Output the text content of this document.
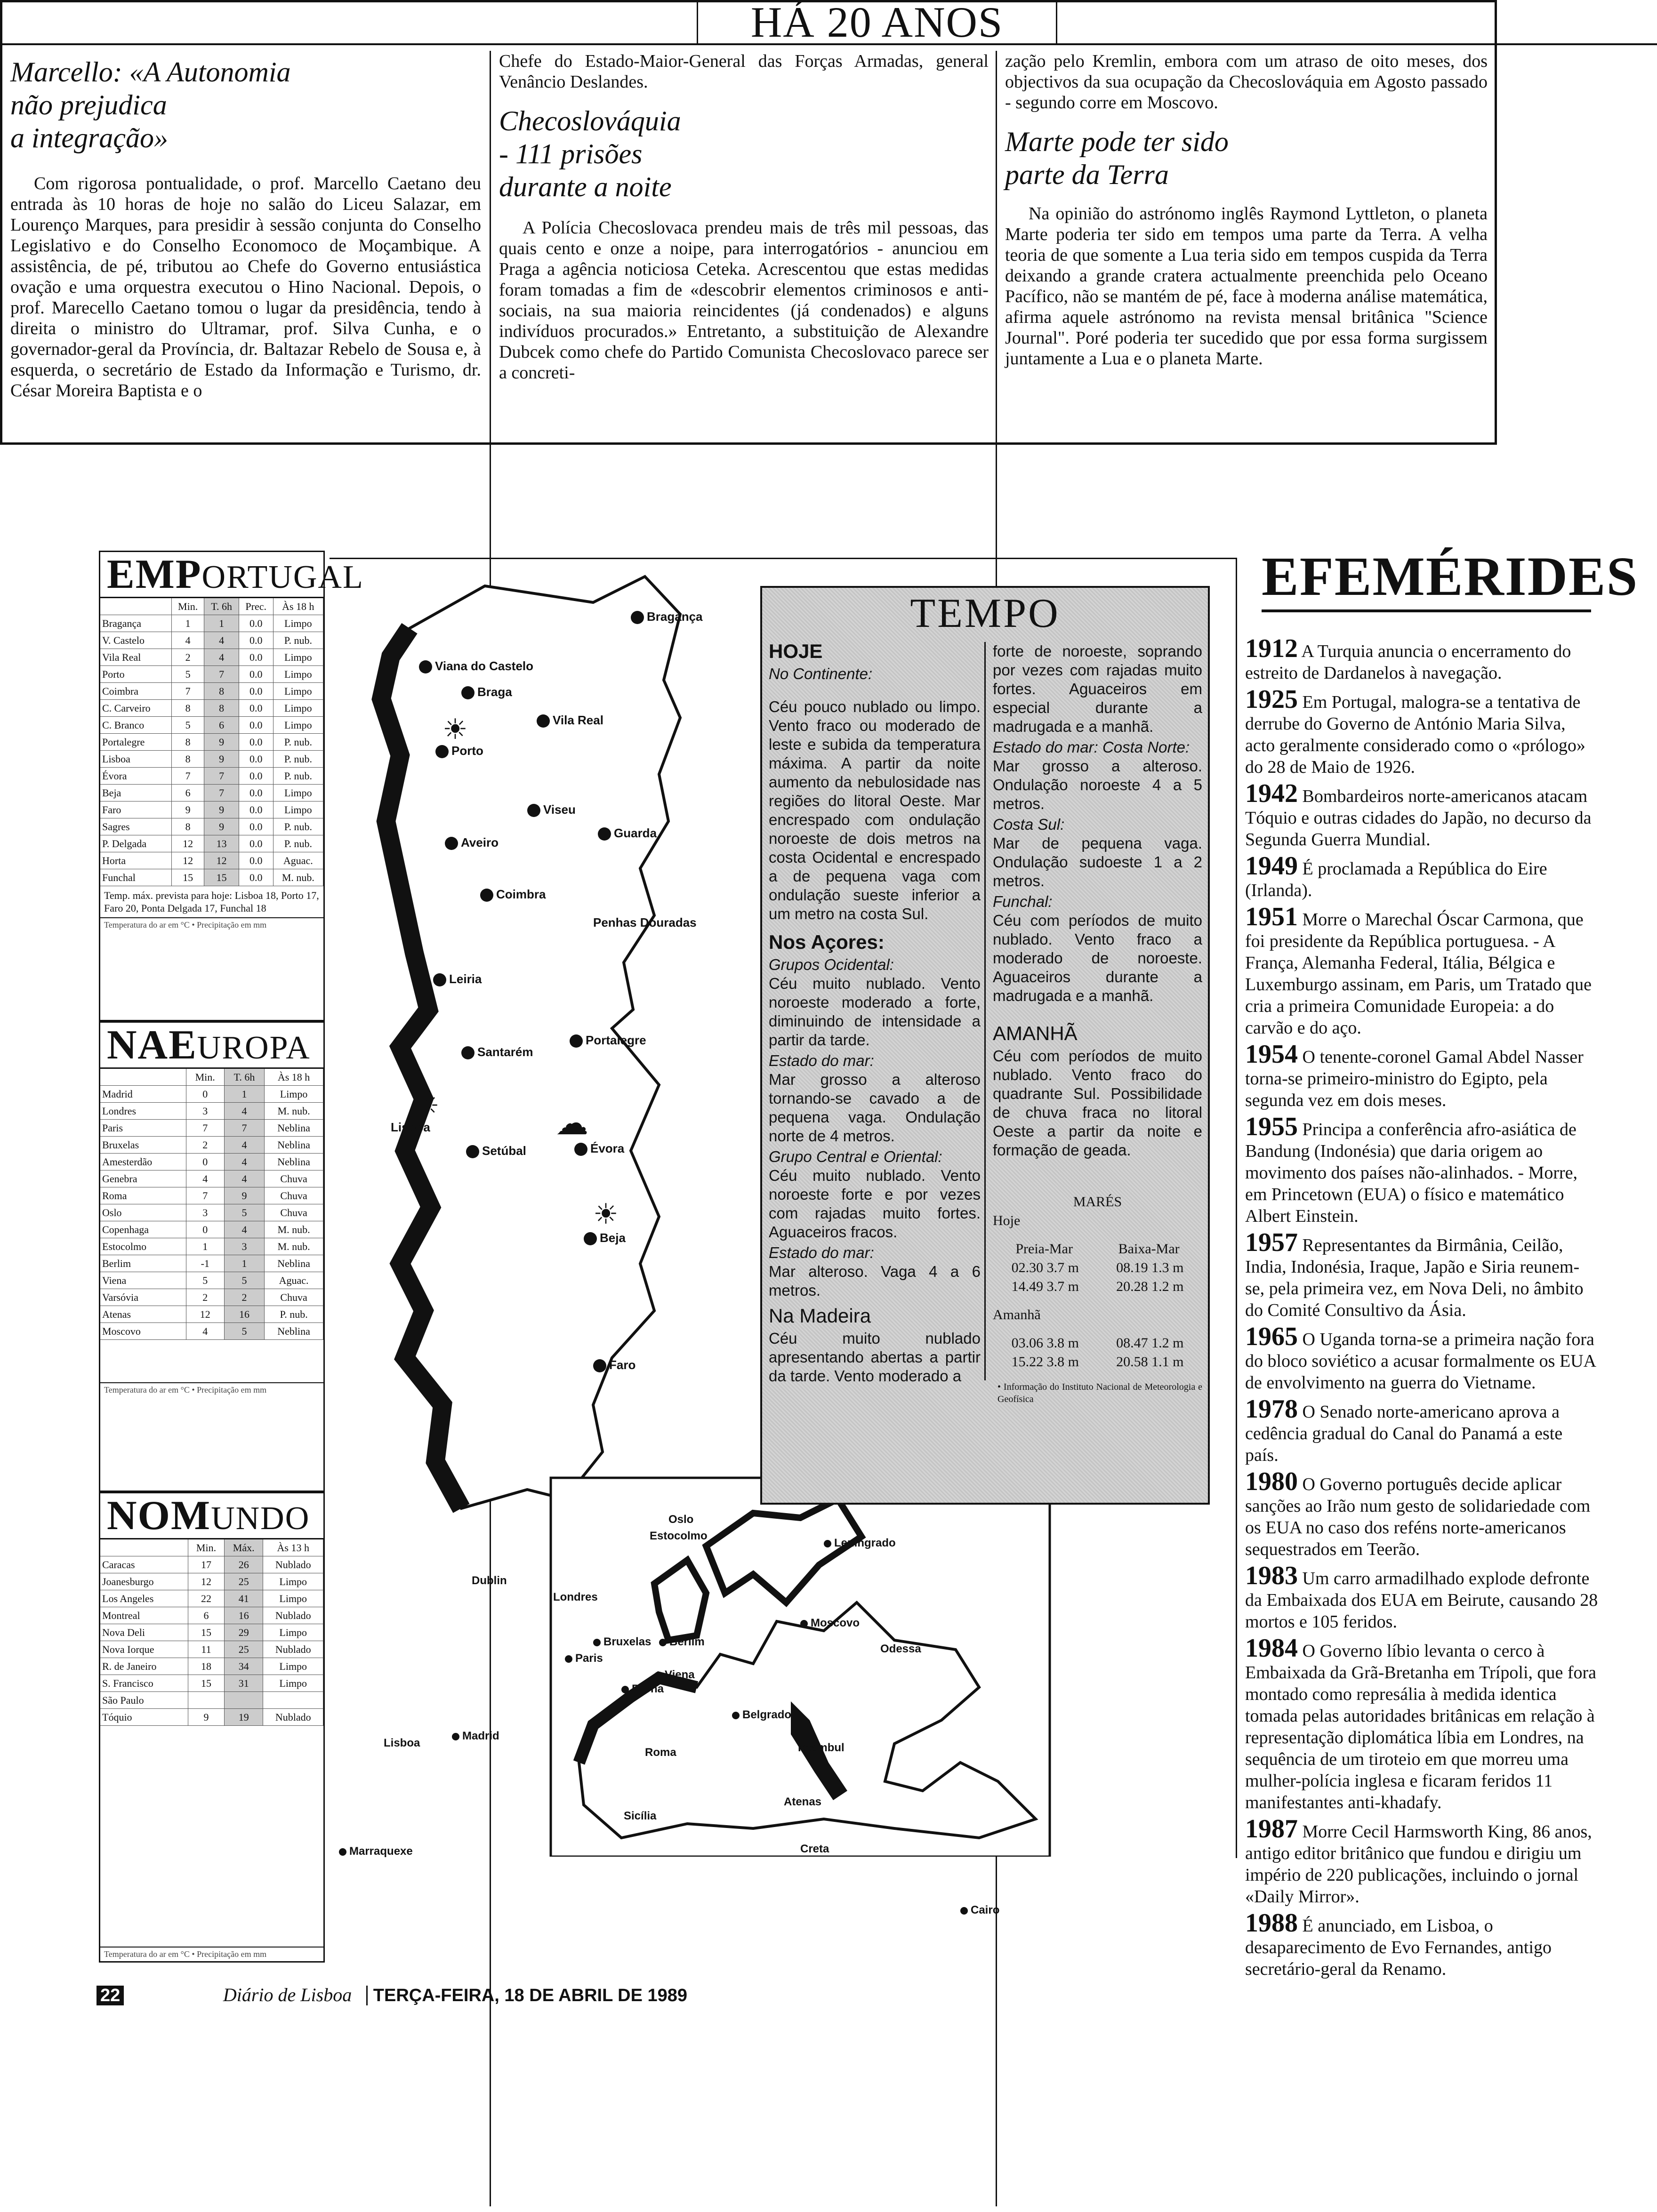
HÁ 20 ANOS
Marcello: «A Autonomia
não prejudica
a integração»

Com rigorosa pontualidade, o prof. Marcello Caetano deu entrada às 10 horas de hoje no salão do Liceu Salazar, em Lourenço Marques, para presidir à sessão conjunta do Conselho Legislativo e do Conselho Economoco de Moçambique. A assistência, de pé, tributou ao Chefe do Governo entusiástica ovação e uma orquestra executou o Hino Nacional. Depois, o prof. Marecello Caetano tomou o lugar da presidência, tendo à direita o ministro do Ultramar, prof. Silva Cunha, e o governador-geral da Província, dr. Baltazar Rebelo de Sousa e, à esquerda, o secretário de Estado da Informação e Turismo, dr. César Moreira Baptista e o

Chefe do Estado-Maior-General das Forças Armadas, general Venâncio Deslandes.

Checoslováquia
- 111 prisões
durante a noite

A Polícia Checoslovaca prendeu mais de três mil pessoas, das quais cento e onze a noipe, para interrogatórios - anunciou em Praga a agência noticiosa Ceteka. Acrescentou que estas medidas foram tomadas a fim de «descobrir elementos criminosos e anti-sociais, na sua maioria reincidentes (já condenados) e alguns indivíduos procurados.» Entretanto, a substituição de Alexandre Dubcek como chefe do Partido Comunista Checoslovaco parece ser a concreti-

zação pelo Kremlin, embora com um atraso de oito meses, dos objectivos da sua ocupação da Checoslováquia em Agosto passado - segundo corre em Moscovo.

Marte pode ter sido
parte da Terra

Na opinião do astrónomo inglês Raymond Lyttleton, o planeta Marte poderia ter sido em tempos uma parte da Terra. A velha teoria de que somente a Lua teria sido em tempos cuspida da Terra deixando a grande cratera actualmente preenchida pelo Oceano Pacífico, não se mantém de pé, face à moderna análise matemática, afirma aquele astrónomo na revista mensal britânica "Science Journal". Poré poderia ter sucedido que por essa forma surgissem juntamente a Lua e o planeta Marte.

EMPORTUGAL
	Min.	T. 6h	Prec.	Às 18 h
Bragança	1	1	0.0	Limpo
V. Castelo	4	4	0.0	P. nub.
Vila Real	2	4	0.0	Limpo
Porto	5	7	0.0	Limpo
Coimbra	7	8	0.0	Limpo
C. Carveiro	8	8	0.0	Limpo
C. Branco	5	6	0.0	Limpo
Portalegre	8	9	0.0	P. nub.
Lisboa	8	9	0.0	P. nub.
Évora	7	7	0.0	P. nub.
Beja	6	7	0.0	Limpo
Faro	9	9	0.0	Limpo
Sagres	8	9	0.0	P. nub.
P. Delgada	12	13	0.0	P. nub.
Horta	12	12	0.0	Aguac.
Funchal	15	15	0.0	M. nub.
Temp. máx. prevista para hoje: Lisboa 18, Porto 17, Faro 20, Ponta Delgada 17, Funchal 18
Temperatura do ar em °C • Precipitação em mm
NAEUROPA
	Min.	T. 6h	Às 18 h
Madrid	0	1	Limpo
Londres	3	4	M. nub.
Paris	7	7	Neblina
Bruxelas	2	4	Neblina
Amesterdão	0	4	Neblina
Genebra	4	4	Chuva
Roma	7	9	Chuva
Oslo	3	5	Chuva
Copenhaga	0	4	M. nub.
Estocolmo	1	3	M. nub.
Berlim	-1	1	Neblina
Viena	5	5	Aguac.
Varsóvia	2	2	Chuva
Atenas	12	16	P. nub.
Moscovo	4	5	Neblina
Temperatura do ar em °C • Precipitação em mm
NOMUNDO
	Min.	Máx.	Às 13 h
Caracas	17	26	Nublado
Joanesburgo	12	25	Limpo
Los Angeles	22	41	Limpo
Montreal	6	16	Nublado
Nova Deli	15	29	Limpo
Nova Iorque	11	25	Nublado
R. de Janeiro	18	34	Limpo
S. Francisco	15	31	Limpo
São Paulo			
Tóquio	9	19	Nublado
Temperatura do ar em °C • Precipitação em mm
Bragança
Viana do Castelo
Braga
Vila Real
Porto
Viseu
Aveiro
Guarda
Coimbra
Penhas Douradas
Leiria
Portalegre
Santarém
Lisboa
Setúbal	Évora
Beja
Faro
☀
☁
☀
☀
Oslo
Estocolmo
Leningrado
Dublin
Londres
Moscovo
Bruxelas	Berlim
Paris
Viena
Odessa
Berna
Belgrado
Lisboa
Madrid
Roma	Istambul
Atenas
Sicília
Creta
Marraquexe
Cairo
TEMPO
HOJE
No Continente:

Céu pouco nublado ou limpo. Vento fraco ou moderado de leste e subida da temperatura máxima. A partir da noite aumento da nebulosidade nas regiões do litoral Oeste. Mar encrespado com ondulação noroeste de dois metros na costa Ocidental e encrespado a de pequena vaga com ondulação sueste inferior a um metro na costa Sul.

Nos Açores:
Grupos Ocidental:

Céu muito nublado. Vento noroeste moderado a forte, diminuindo de intensidade a partir da tarde.

Estado do mar:

Mar grosso a alteroso tornando-se cavado a de pequena vaga. Ondulação norte de 4 metros.

Grupo Central e Oriental:

Céu muito nublado. Vento noroeste forte e por vezes com rajadas muito fortes. Aguaceiros fracos.

Estado do mar:

Mar alteroso. Vaga 4 a 6 metros.

Na Madeira

Céu muito nublado apresentando abertas a partir da tarde. Vento moderado a

forte de noroeste, soprando por vezes com rajadas muito fortes. Aguaceiros em especial durante a madrugada e a manhã.

Estado do mar: Costa Norte:

Mar grosso a alteroso. Ondulação noroeste 4 a 5 metros.

Costa Sul:

Mar de pequena vaga. Ondulação sudoeste 1 a 2 metros.

Funchal:

Céu com períodos de muito nublado. Vento fraco a moderado de noroeste. Aguaceiros durante a madrugada e a manhã.

AMANHÃ

Céu com períodos de muito nublado. Vento fraco do quadrante Sul. Possibilidade de chuva fraca no litoral Oeste a partir da noite e formação de geada.

MARÉS
Hoje
Preia-Mar	Baixa-Mar
02.30 3.7 m	08.19 1.3 m
14.49 3.7 m	20.28 1.2 m
Amanhã
03.06 3.8 m	08.47 1.2 m
15.22 3.8 m	20.58 1.1 m
• Informação do Instituto Nacional de Meteorologia e Geofísica
EFEMÉRIDES

1912 A Turquia anuncia o encerramento do estreito de Dardanelos à navegação.

1925 Em Portugal, malogra-se a tentativa de derrube do Governo de António Maria Silva, acto geralmente considerado como o «prólogo» do 28 de Maio de 1926.

1942 Bombardeiros norte-americanos atacam Tóquio e outras cidades do Japão, no decurso da Segunda Guerra Mundial.

1949 É proclamada a República do Eire (Irlanda).

1951 Morre o Marechal Óscar Carmona, que foi presidente da República portuguesa. - A França, Alemanha Federal, Itália, Bélgica e Luxemburgo assinam, em Paris, um Tratado que cria a primeira Comunidade Europeia: a do carvão e do aço.

1954 O tenente-coronel Gamal Abdel Nasser torna-se primeiro-ministro do Egipto, pela segunda vez em dois meses.

1955 Principa a conferência afro-asiática de Bandung (Indonésia) que daria origem ao movimento dos países não-alinhados. - Morre, em Princetown (EUA) o físico e matemático Albert Einstein.

1957 Representantes da Birmânia, Ceilão, India, Indonésia, Iraque, Japão e Siria reunem-se, pela primeira vez, em Nova Deli, no âmbito do Comité Consultivo da Ásia.

1965 O Uganda torna-se a primeira nação fora do bloco soviético a acusar formalmente os EUA de envolvimento na guerra do Vietname.

1978 O Senado norte-americano aprova a cedência gradual do Canal do Panamá a este país.

1980 O Governo português decide aplicar sanções ao Irão num gesto de solidariedade com os EUA no caso dos reféns norte-americanos sequestrados em Teerão.

1983 Um carro armadilhado explode defronte da Embaixada dos EUA em Beirute, causando 28 mortos e 105 feridos.

1984 O Governo líbio levanta o cerco à Embaixada da Grã-Bretanha em Trípoli, que fora montado como represália à medida identica tomada pelas autoridades britânicas em relação à representação diplomática líbia em Londres, na sequência de um tiroteio em que morreu uma mulher-polícia inglesa e ficaram feridos 11 manifestantes anti-khadafy.

1987 Morre Cecil Harmsworth King, 86 anos, antigo editor britânico que fundou e dirigiu um império de 220 publicações, incluindo o jornal «Daily Mirror».

1988 É anunciado, em Lisboa, o desaparecimento de Evo Fernandes, antigo secretário-geral da Renamo.

22	Diário de Lisboa TERÇA-FEIRA, 18 DE ABRIL DE 1989
